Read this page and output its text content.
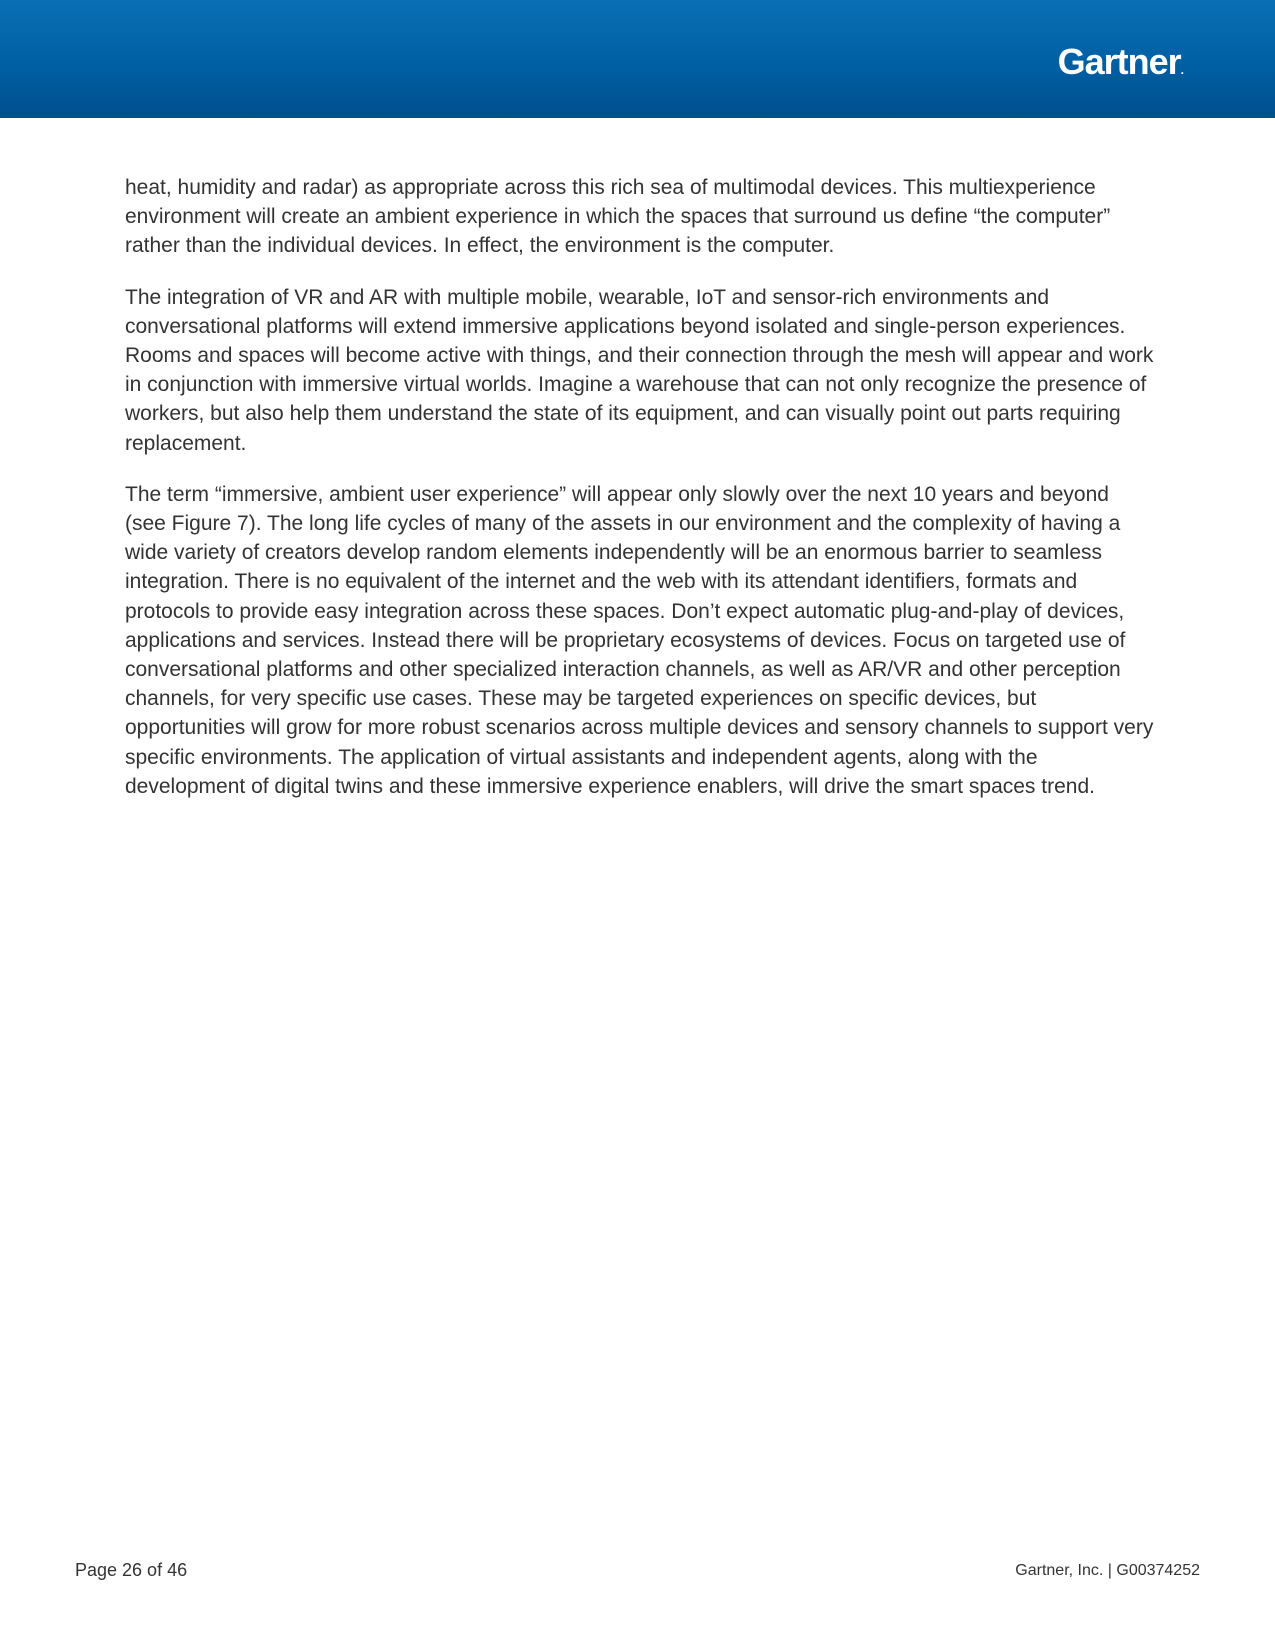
Gartner.

heat, humidity and radar) as appropriate across this rich sea of multimodal devices. This multiexperience environment will create an ambient experience in which the spaces that surround us define “the computer” rather than the individual devices. In effect, the environment is the computer.

The integration of VR and AR with multiple mobile, wearable, IoT and sensor-rich environments and conversational platforms will extend immersive applications beyond isolated and single-person experiences. Rooms and spaces will become active with things, and their connection through the mesh will appear and work in conjunction with immersive virtual worlds. Imagine a warehouse that can not only recognize the presence of workers, but also help them understand the state of its equipment, and can visually point out parts requiring replacement.

The term “immersive, ambient user experience” will appear only slowly over the next 10 years and beyond (see Figure 7). The long life cycles of many of the assets in our environment and the complexity of having a wide variety of creators develop random elements independently will be an enormous barrier to seamless integration. There is no equivalent of the internet and the web with its attendant identifiers, formats and protocols to provide easy integration across these spaces. Don’t expect automatic plug-and-play of devices, applications and services. Instead there will be proprietary ecosystems of devices. Focus on targeted use of conversational platforms and other specialized interaction channels, as well as AR/VR and other perception channels, for very specific use cases. These may be targeted experiences on specific devices, but opportunities will grow for more robust scenarios across multiple devices and sensory channels to support very specific environments. The application of virtual assistants and independent agents, along with the development of digital twins and these immersive experience enablers, will drive the smart spaces trend.

Page 26 of 46	Gartner, Inc. | G00374252
